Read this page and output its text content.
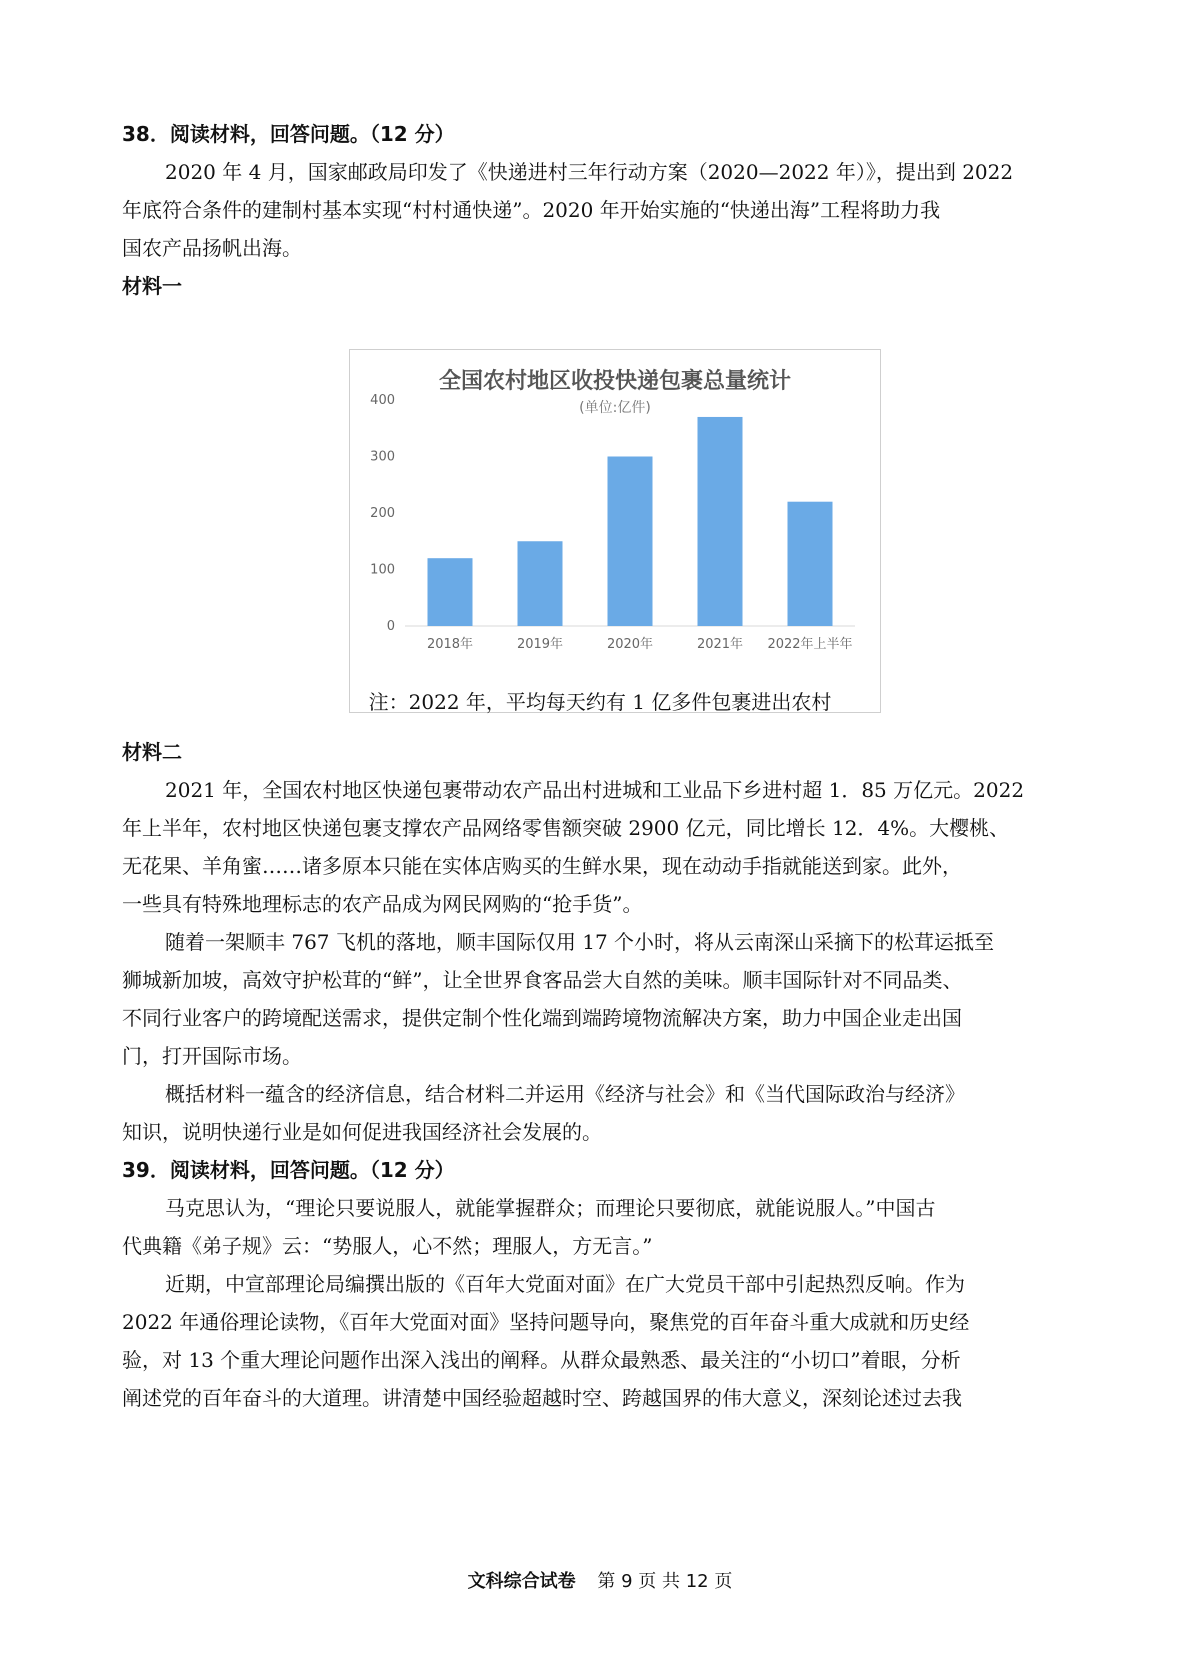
38．阅读材料，回答问题。（12 分）
2020 年 4 月，国家邮政局印发了《快递进村三年行动方案（2020—2022 年）》，提出到 2022
年底符合条件的建制村基本实现“村村通快递”。2020 年开始实施的“快递出海”工程将助力我
国农产品扬帆出海。
材料一
全国农村地区收投快递包裹总量统计
(单位:亿件)
0
100
200
300
400
2018年	2019年	2020年	2021年 2022年上半年
注：2022 年，平均每天约有 1 亿多件包裹进出农村
材料二
2021 年，全国农村地区快递包裹带动农产品出村进城和工业品下乡进村超 1．85 万亿元。2022
年上半年，农村地区快递包裹支撑农产品网络零售额突破 2900 亿元，同比增长 12．4%。大樱桃、
无花果、羊角蜜……诸多原本只能在实体店购买的生鲜水果，现在动动手指就能送到家。此外，
一些具有特殊地理标志的农产品成为网民网购的“抢手货”。
随着一架顺丰 767 飞机的落地，顺丰国际仅用 17 个小时，将从云南深山采摘下的松茸运抵至
狮城新加坡，高效守护松茸的“鲜”，让全世界食客品尝大自然的美味。顺丰国际针对不同品类、
不同行业客户的跨境配送需求，提供定制个性化端到端跨境物流解决方案，助力中国企业走出国
门，打开国际市场。
概括材料一蕴含的经济信息，结合材料二并运用《经济与社会》和《当代国际政治与经济》
知识，说明快递行业是如何促进我国经济社会发展的。
39．阅读材料，回答问题。（12 分）
马克思认为，“理论只要说服人，就能掌握群众；而理论只要彻底，就能说服人。”中国古
代典籍《弟子规》云：“势服人，心不然；理服人，方无言。”
近期，中宣部理论局编撰出版的《百年大党面对面》在广大党员干部中引起热烈反响。作为
2022 年通俗理论读物，《百年大党面对面》坚持问题导向，聚焦党的百年奋斗重大成就和历史经
验，对 13 个重大理论问题作出深入浅出的阐释。从群众最熟悉、最关注的“小切口”着眼，分析
阐述党的百年奋斗的大道理。讲清楚中国经验超越时空、跨越国界的伟大意义，深刻论述过去我
文科综合试卷 第 9 页 共 12 页
